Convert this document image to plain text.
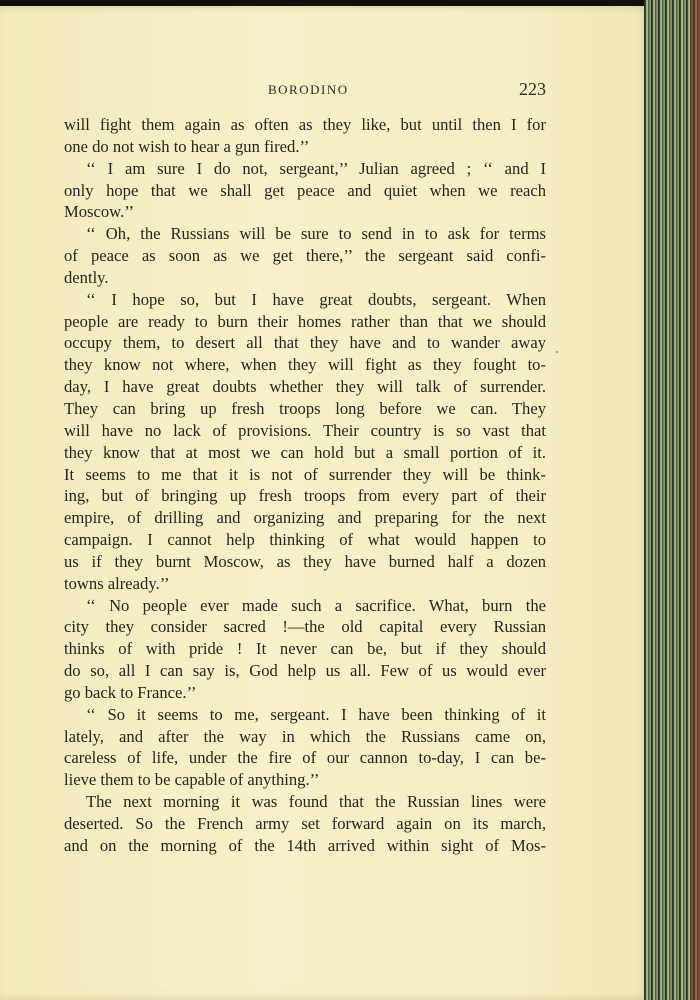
BORODINO	223
will fight them again as often as they like, but until then I for
one do not wish to hear a gun fired.’’
‘‘ I am sure I do not, sergeant,’’ Julian agreed ; ‘‘ and I
only hope that we shall get peace and quiet when we reach
Moscow.’’
‘‘ Oh, the Russians will be sure to send in to ask for terms
of peace as soon as we get there,’’ the sergeant said confi-
dently.
‘‘ I hope so, but I have great doubts, sergeant. When
people are ready to burn their homes rather than that we should
occupy them, to desert all that they have and to wander away
they know not where, when they will fight as they fought to-
day, I have great doubts whether they will talk of surrender.
They can bring up fresh troops long before we can. They
will have no lack of provisions. Their country is so vast that
they know that at most we can hold but a small portion of it.
It seems to me that it is not of surrender they will be think-
ing, but of bringing up fresh troops from every part of their
empire, of drilling and organizing and preparing for the next
campaign. I cannot help thinking of what would happen to
us if they burnt Moscow, as they have burned half a dozen
towns already.’’
‘‘ No people ever made such a sacrifice. What, burn the
city they consider sacred !—the old capital every Russian
thinks of with pride ! It never can be, but if they should
do so, all I can say is, God help us all. Few of us would ever
go back to France.’’
‘‘ So it seems to me, sergeant. I have been thinking of it
lately, and after the way in which the Russians came on,
careless of life, under the fire of our cannon to-day, I can be-
lieve them to be capable of anything.’’
The next morning it was found that the Russian lines were
deserted. So the French army set forward again on its march,
and on the morning of the 14th arrived within sight of Mos-
